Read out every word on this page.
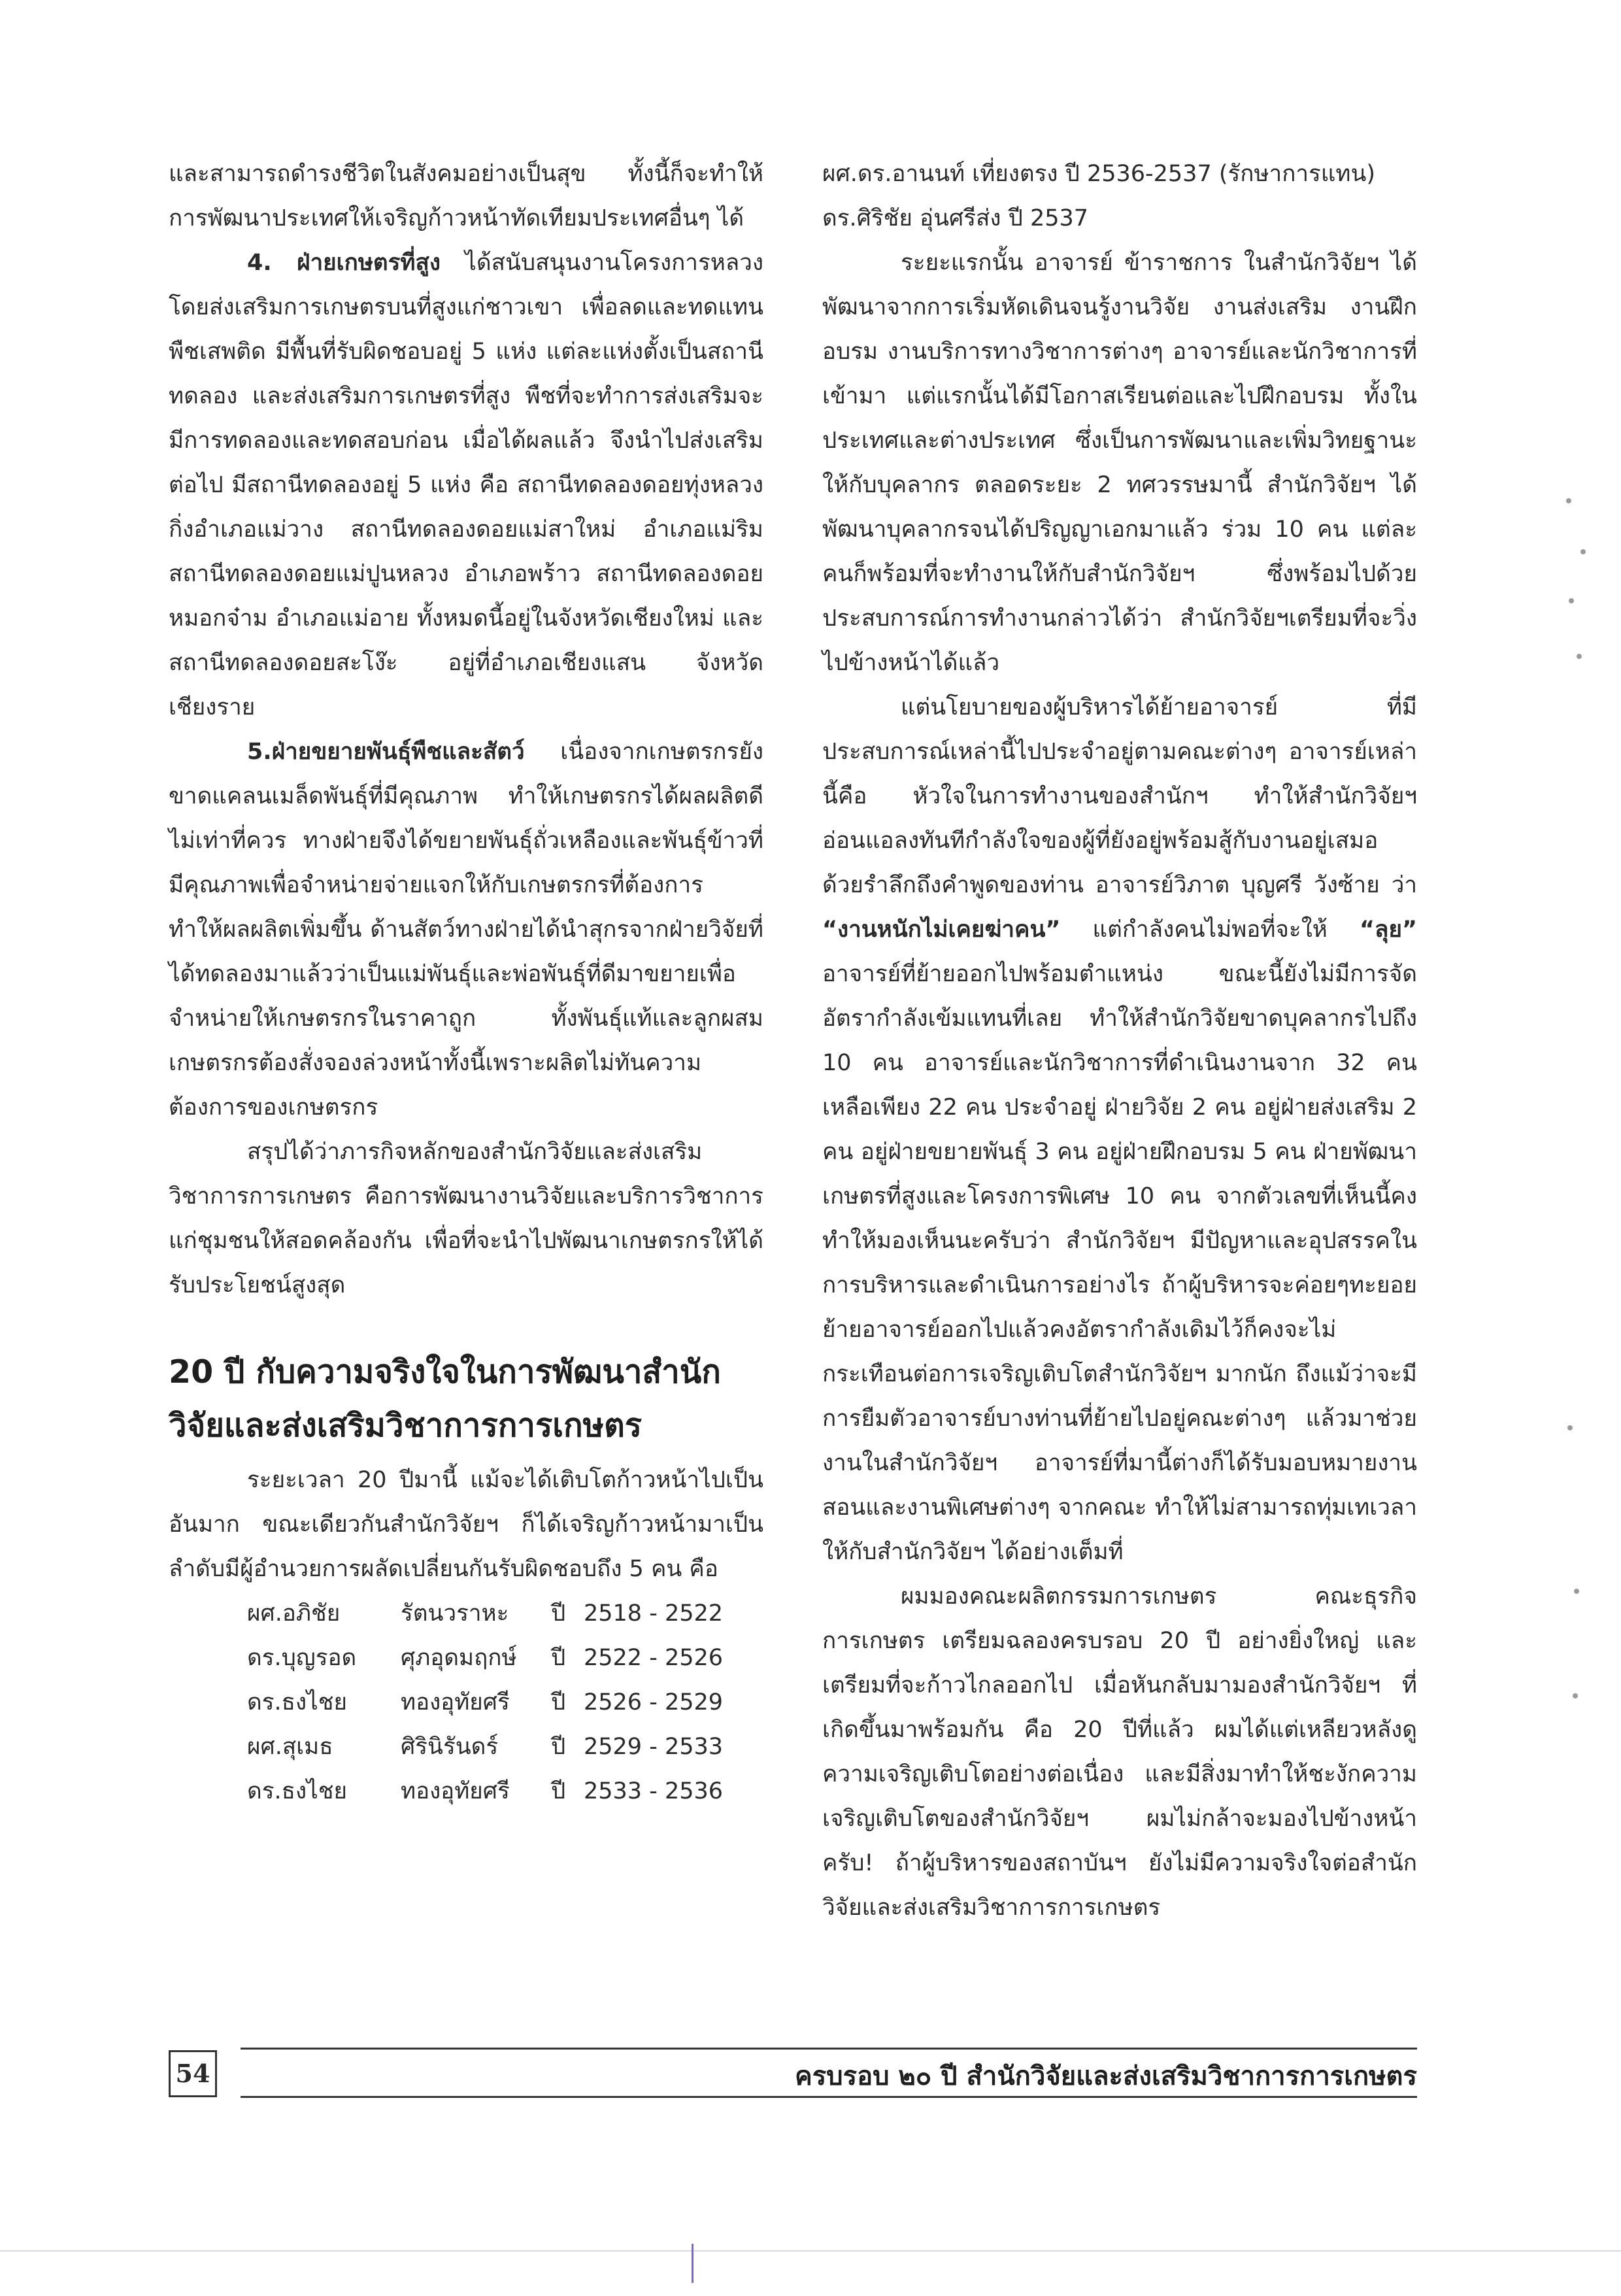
และสามารถดำรงชีวิตในสังคมอย่างเป็นสุข ทั้งนี้ก็จะทำให้การพัฒนาประเทศให้เจริญก้าวหน้าทัดเทียมประเทศอื่นๆ ได้

4. ฝ่ายเกษตรที่สูง ได้สนับสนุนงานโครงการหลวงโดยส่งเสริมการเกษตรบนที่สูงแก่ชาวเขา เพื่อลดและทดแทนพืชเสพติด มีพื้นที่รับผิดชอบอยู่ 5 แห่ง แต่ละแห่งตั้งเป็นสถานีทดลอง และส่งเสริมการเกษตรที่สูง พืชที่จะทำการส่งเสริมจะมีการทดลองและทดสอบก่อน เมื่อได้ผลแล้ว จึงนำไปส่งเสริมต่อไป มีสถานีทดลองอยู่ 5 แห่ง คือ สถานีทดลองดอยทุ่งหลวง กิ่งอำเภอแม่วาง สถานีทดลองดอยแม่สาใหม่ อำเภอแม่ริม สถานีทดลองดอยแม่ปูนหลวง อำเภอพร้าว สถานีทดลองดอยหมอกจ๋าม อำเภอแม่อาย ทั้งหมดนี้อยู่ในจังหวัดเชียงใหม่ และสถานีทดลองดอยสะโง๊ะ อยู่ที่อำเภอเชียงแสน จังหวัดเชียงราย

5.ฝ่ายขยายพันธุ์พืชและสัตว์ เนื่องจากเกษตรกรยังขาดแคลนเมล็ดพันธุ์ที่มีคุณภาพ ทำให้เกษตรกรได้ผลผลิตดีไม่เท่าที่ควร ทางฝ่ายจึงได้ขยายพันธุ์ถั่วเหลืองและพันธุ์ข้าวที่มีคุณภาพเพื่อจำหน่ายจ่ายแจกให้กับเกษตรกรที่ต้องการ ทำให้ผลผลิตเพิ่มขึ้น ด้านสัตว์ทางฝ่ายได้นำสุกรจากฝ่ายวิจัยที่ได้ทดลองมาแล้วว่าเป็นแม่พันธุ์และพ่อพันธุ์ที่ดีมาขยายเพื่อจำหน่ายให้เกษตรกรในราคาถูก ทั้งพันธุ์แท้และลูกผสม เกษตรกรต้องสั่งจองล่วงหน้าทั้งนี้เพราะผลิตไม่ทันความต้องการของเกษตรกร

สรุปได้ว่าภารกิจหลักของสำนักวิจัยและส่งเสริมวิชาการการเกษตร คือการพัฒนางานวิจัยและบริการวิชาการแก่ชุมชนให้สอดคล้องกัน เพื่อที่จะนำไปพัฒนาเกษตรกรให้ได้รับประโยชน์สูงสุด

20 ปี กับความจริงใจในการพัฒนาสำนักวิจัยและส่งเสริมวิชาการการเกษตร

ระยะเวลา 20 ปีมานี้ แม้จะได้เติบโตก้าวหน้าไปเป็นอันมาก ขณะเดียวกันสำนักวิจัยฯ ก็ได้เจริญก้าวหน้ามาเป็นลำดับมีผู้อำนวยการผลัดเปลี่ยนกันรับผิดชอบถึง 5 คน คือ

ผศ.อภิชัย	รัตนวราหะ	ปี 2518 - 2522
ดร.บุญรอด	ศุภอุดมฤกษ์	ปี 2522 - 2526
ดร.ธงไชย	ทองอุทัยศรี	ปี 2526 - 2529
ผศ.สุเมธ	ศิรินิรันดร์	ปี 2529 - 2533
ดร.ธงไชย	ทองอุทัยศรี	ปี 2533 - 2536

ผศ.ดร.อานนท์ เที่ยงตรง ปี 2536-2537 (รักษาการแทน)

ดร.ศิริชัย อุ่นศรีส่ง ปี 2537

ระยะแรกนั้น อาจารย์ ข้าราชการ ในสำนักวิจัยฯ ได้พัฒนาจากการเริ่มหัดเดินจนรู้งานวิจัย งานส่งเสริม งานฝึกอบรม งานบริการทางวิชาการต่างๆ อาจารย์และนักวิชาการที่เข้ามา แต่แรกนั้นได้มีโอกาสเรียนต่อและไปฝึกอบรม ทั้งในประเทศและต่างประเทศ ซึ่งเป็นการพัฒนาและเพิ่มวิทยฐานะให้กับบุคลากร ตลอดระยะ 2 ทศวรรษมานี้ สำนักวิจัยฯ ได้พัฒนาบุคลากรจนได้ปริญญาเอกมาแล้ว ร่วม 10 คน แต่ละคนก็พร้อมที่จะทำงานให้กับสำนักวิจัยฯ ซึ่งพร้อมไปด้วยประสบการณ์การทำงานกล่าวได้ว่า สำนักวิจัยฯเตรียมที่จะวิ่งไปข้างหน้าได้แล้ว

แต่นโยบายของผู้บริหารได้ย้ายอาจารย์ ที่มีประสบการณ์เหล่านี้ไปประจำอยู่ตามคณะต่างๆ อาจารย์เหล่านี้คือ หัวใจในการทำงานของสำนักฯ ทำให้สำนักวิจัยฯ อ่อนแอลงทันทีกำลังใจของผู้ที่ยังอยู่พร้อมสู้กับงานอยู่เสมอด้วยรำลึกถึงคำพูดของท่าน อาจารย์วิภาต บุญศรี วังซ้าย ว่า “งานหนักไม่เคยฆ่าคน” แต่กำลังคนไม่พอที่จะให้ “ลุย” อาจารย์ที่ย้ายออกไปพร้อมตำแหน่ง ขณะนี้ยังไม่มีการจัดอัตรากำลังเข้มแทนที่เลย ทำให้สำนักวิจัยขาดบุคลากรไปถึง 10 คน อาจารย์และนักวิชาการที่ดำเนินงานจาก 32 คน เหลือเพียง 22 คน ประจำอยู่ ฝ่ายวิจัย 2 คน อยู่ฝ่ายส่งเสริม 2 คน อยู่ฝ่ายขยายพันธุ์ 3 คน อยู่ฝ่ายฝึกอบรม 5 คน ฝ่ายพัฒนาเกษตรที่สูงและโครงการพิเศษ 10 คน จากตัวเลขที่เห็นนี้คงทำให้มองเห็นนะครับว่า สำนักวิจัยฯ มีปัญหาและอุปสรรคในการบริหารและดำเนินการอย่างไร ถ้าผู้บริหารจะค่อยๆทะยอยย้ายอาจารย์ออกไปแล้วคงอัตรากำลังเดิมไว้ก็คงจะไม่กระเทือนต่อการเจริญเติบโตสำนักวิจัยฯ มากนัก ถึงแม้ว่าจะมีการยืมตัวอาจารย์บางท่านที่ย้ายไปอยู่คณะต่างๆ แล้วมาช่วยงานในสำนักวิจัยฯ อาจารย์ที่มานี้ต่างก็ได้รับมอบหมายงานสอนและงานพิเศษต่างๆ จากคณะ ทำให้ไม่สามารถทุ่มเทเวลาให้กับสำนักวิจัยฯ ได้อย่างเต็มที่

ผมมองคณะผลิตกรรมการเกษตร คณะธุรกิจการเกษตร เตรียมฉลองครบรอบ 20 ปี อย่างยิ่งใหญ่ และเตรียมที่จะก้าวไกลออกไป เมื่อหันกลับมามองสำนักวิจัยฯ ที่เกิดขึ้นมาพร้อมกัน คือ 20 ปีที่แล้ว ผมได้แต่เหลียวหลังดูความเจริญเติบโตอย่างต่อเนื่อง และมีสิ่งมาทำให้ชะงักความเจริญเติบโตของสำนักวิจัยฯ ผมไม่กล้าจะมองไปข้างหน้าครับ! ถ้าผู้บริหารของสถาบันฯ ยังไม่มีความจริงใจต่อสำนักวิจัยและส่งเสริมวิชาการการเกษตร

54	ครบรอบ ๒๐ ปี สำนักวิจัยและส่งเสริมวิชาการการเกษตร
